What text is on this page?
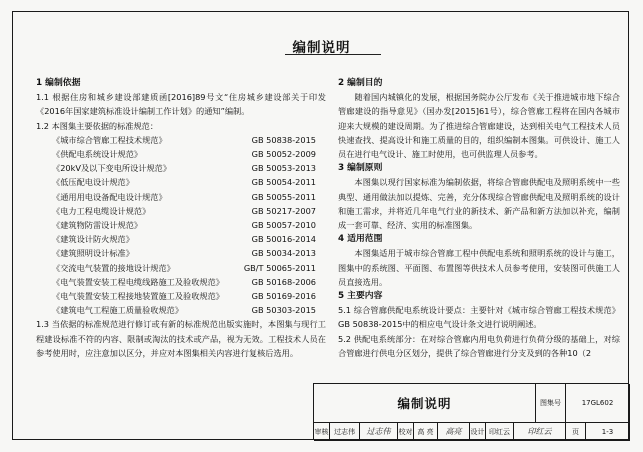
编制说明
1 编制依据
1.1 根据住房和城乡建设部建质函[2016]89号文“住房城乡建设部关于印发《2016年国家建筑标准设计编制工作计划》的通知”编制。
1.2 本图集主要依据的标准规范：
《城市综合管廊工程技术规范》	GB 50838-2015
《供配电系统设计规范》	GB 50052-2009
《20kV及以下变电所设计规范》	GB 50053-2013
《低压配电设计规范》	GB 50054-2011
《通用用电设备配电设计规范》	GB 50055-2011
《电力工程电缆设计规范》	GB 50217-2007
《建筑物防雷设计规范》	GB 50057-2010
《建筑设计防火规范》	GB 50016-2014
《建筑照明设计标准》	GB 50034-2013
《交流电气装置的接地设计规范》	GB/T 50065-2011
《电气装置安装工程电缆线路施工及验收规范》	GB 50168-2006
《电气装置安装工程接地装置施工及验收规范》	GB 50169-2016
《建筑电气工程施工质量验收规范》	GB 50303-2015
1.3 当依据的标准规范进行修订或有新的标准规范出版实施时，本图集与现行工程建设标准不符的内容、限制或淘汰的技术或产品，视为无效。工程技术人员在参考使用时，应注意加以区分，并应对本图集相关内容进行复核后选用。
2 编制目的
随着国内城镇化的发展，根据国务院办公厅发布《关于推进城市地下综合管廊建设的指导意见》（国办发[2015]61号），综合管廊工程将在国内各城市迎来大规模的建设周期。为了推进综合管廊建设，达到相关电气工程技术人员快速查找、提高设计和施工质量的目的，组织编制本图集。可供设计、施工人员在进行电气设计、施工时使用，也可供监理人员参考。
3 编制原则
本图集以现行国家标准为编制依据，将综合管廊供配电及照明系统中一些典型、通用做法加以提炼、完善，充分体现综合管廊供配电及照明系统的设计和施工需求，并将近几年电气行业的新技术、新产品和新方法加以补充，编制成一套可靠、经济、实用的标准图集。
4 适用范围
本图集适用于城市综合管廊工程中供配电系统和照明系统的设计与施工，图集中的系统图、平面图、布置图等供技术人员参考使用，安装图可供施工人员直接选用。
5 主要内容
5.1 综合管廊供配电系统设计要点：主要针对《城市综合管廊工程技术规范》GB 50838-2015中的相应电气设计条文进行说明阐述。
5.2 供配电系统部分：在对综合管廊内用电负荷进行负荷分级的基础上，对综合管廊进行供电分区划分，提供了综合管廊进行分支及到的各种10（2
编制说明	图集号	17GL602
审核 过志伟	过志伟	校对 高 亮	高亮	设计 印红云	印红云	页	1-3
